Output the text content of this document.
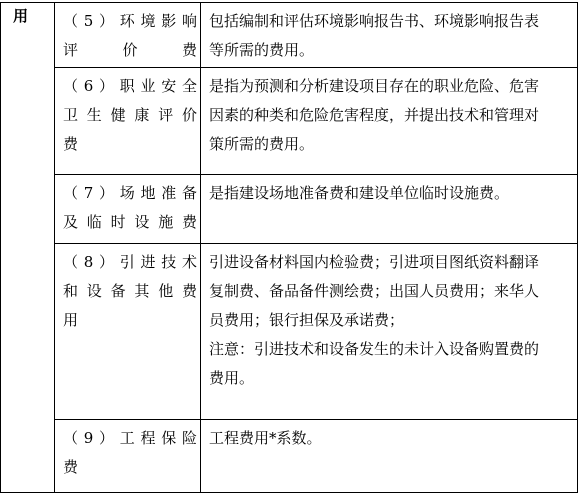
用	（5）环境影响
评价费	包括编制和评估环境影响报告书、环境影响报告表
等所需的费用。

	（6）职业安全
卫生健康评价
费	是指为预测和分析建设项目存在的职业危险、危害
因素的种类和危险危害程度，并提出技术和管理对
策所需的费用。

	（7）场地准备
及临时设施费	是指建设场地准备费和建设单位临时设施费。

	（8）引进技术
和设备其他费
用	引进设备材料国内检验费；引进项目图纸资料翻译
复制费、备品备件测绘费；出国人员费用；来华人
员费用；银行担保及承诺费；
注意：引进技术和设备发生的未计入设备购置费的
费用。

	（9）工程保险
费	工程费用*系数。
